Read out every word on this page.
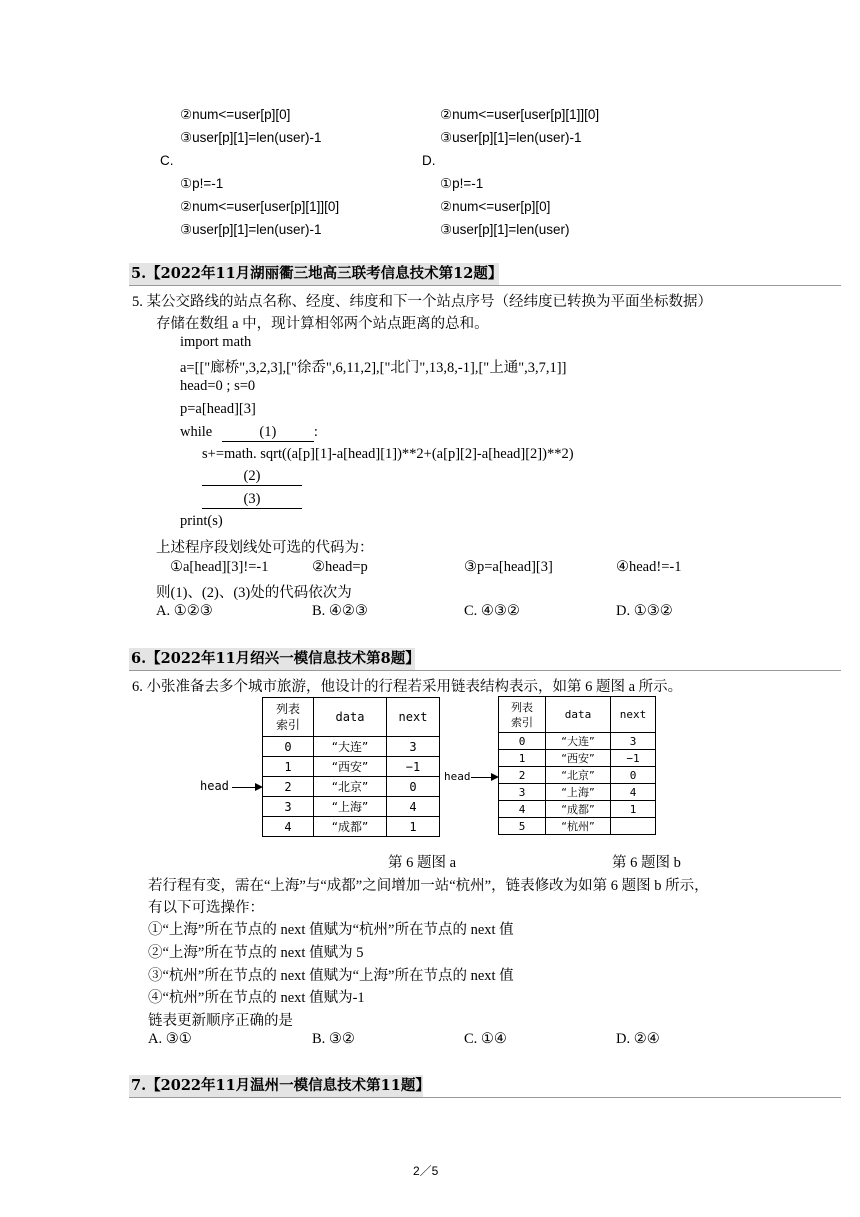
②num<=user[p][0]	②num<=user[user[p][1]][0]
③user[p][1]=len(user)-1	③user[p][1]=len(user)-1
C.	D.
①p!=-1	①p!=-1
②num<=user[user[p][1]][0]	②num<=user[p][0]
③user[p][1]=len(user)-1	③user[p][1]=len(user)
5.【2022年11月湖丽衢三地高三联考信息技术第12题】
5. 某公交路线的站点名称、经度、纬度和下一个站点序号（经纬度已转换为平面坐标数据）
存储在数组 a 中，现计算相邻两个站点距离的总和。
import math
a=[["廊桥",3,2,3],["徐岙",6,11,2],["北门",13,8,-1],["上通",3,7,1]]
head=0 ; s=0
p=a[head][3]
while	(1)	:
s+=math. sqrt((a[p][1]-a[head][1])**2+(a[p][2]-a[head][2])**2)
(2)
(3)
print(s)
上述程序段划线处可选的代码为：
①a[head][3]!=-1	②head=p	③p=a[head][3]	④head!=-1
则(1)、(2)、(3)处的代码依次为
A. ①②③	B. ④②③	C. ④③②	D. ①③②
6.【2022年11月绍兴一模信息技术第8题】
6. 小张准备去多个城市旅游，他设计的行程若采用链表结构表示，如第 6 题图 a 所示。
列表
索引	data	next
0	“大连”	3
1	“西安”	−1
2	“北京”	0
3	“上海”	4
4	“成都”	1
head
列表
索引	data	next
0	“大连”	3
1	“西安”	−1
2	“北京”	0
3	“上海”	4
4	“成都”	1
5	“杭州”	
head
第 6 题图 a	第 6 题图 b
若行程有变，需在“上海”与“成都”之间增加一站“杭州”，链表修改为如第 6 题图 b 所示，
有以下可选操作：
①“上海”所在节点的 next 值赋为“杭州”所在节点的 next 值
②“上海”所在节点的 next 值赋为 5
③“杭州”所在节点的 next 值赋为“上海”所在节点的 next 值
④“杭州”所在节点的 next 值赋为-1
链表更新顺序正确的是
A. ③①	B. ③②	C. ①④	D. ②④
7.【2022年11月温州一模信息技术第11题】
2／5
